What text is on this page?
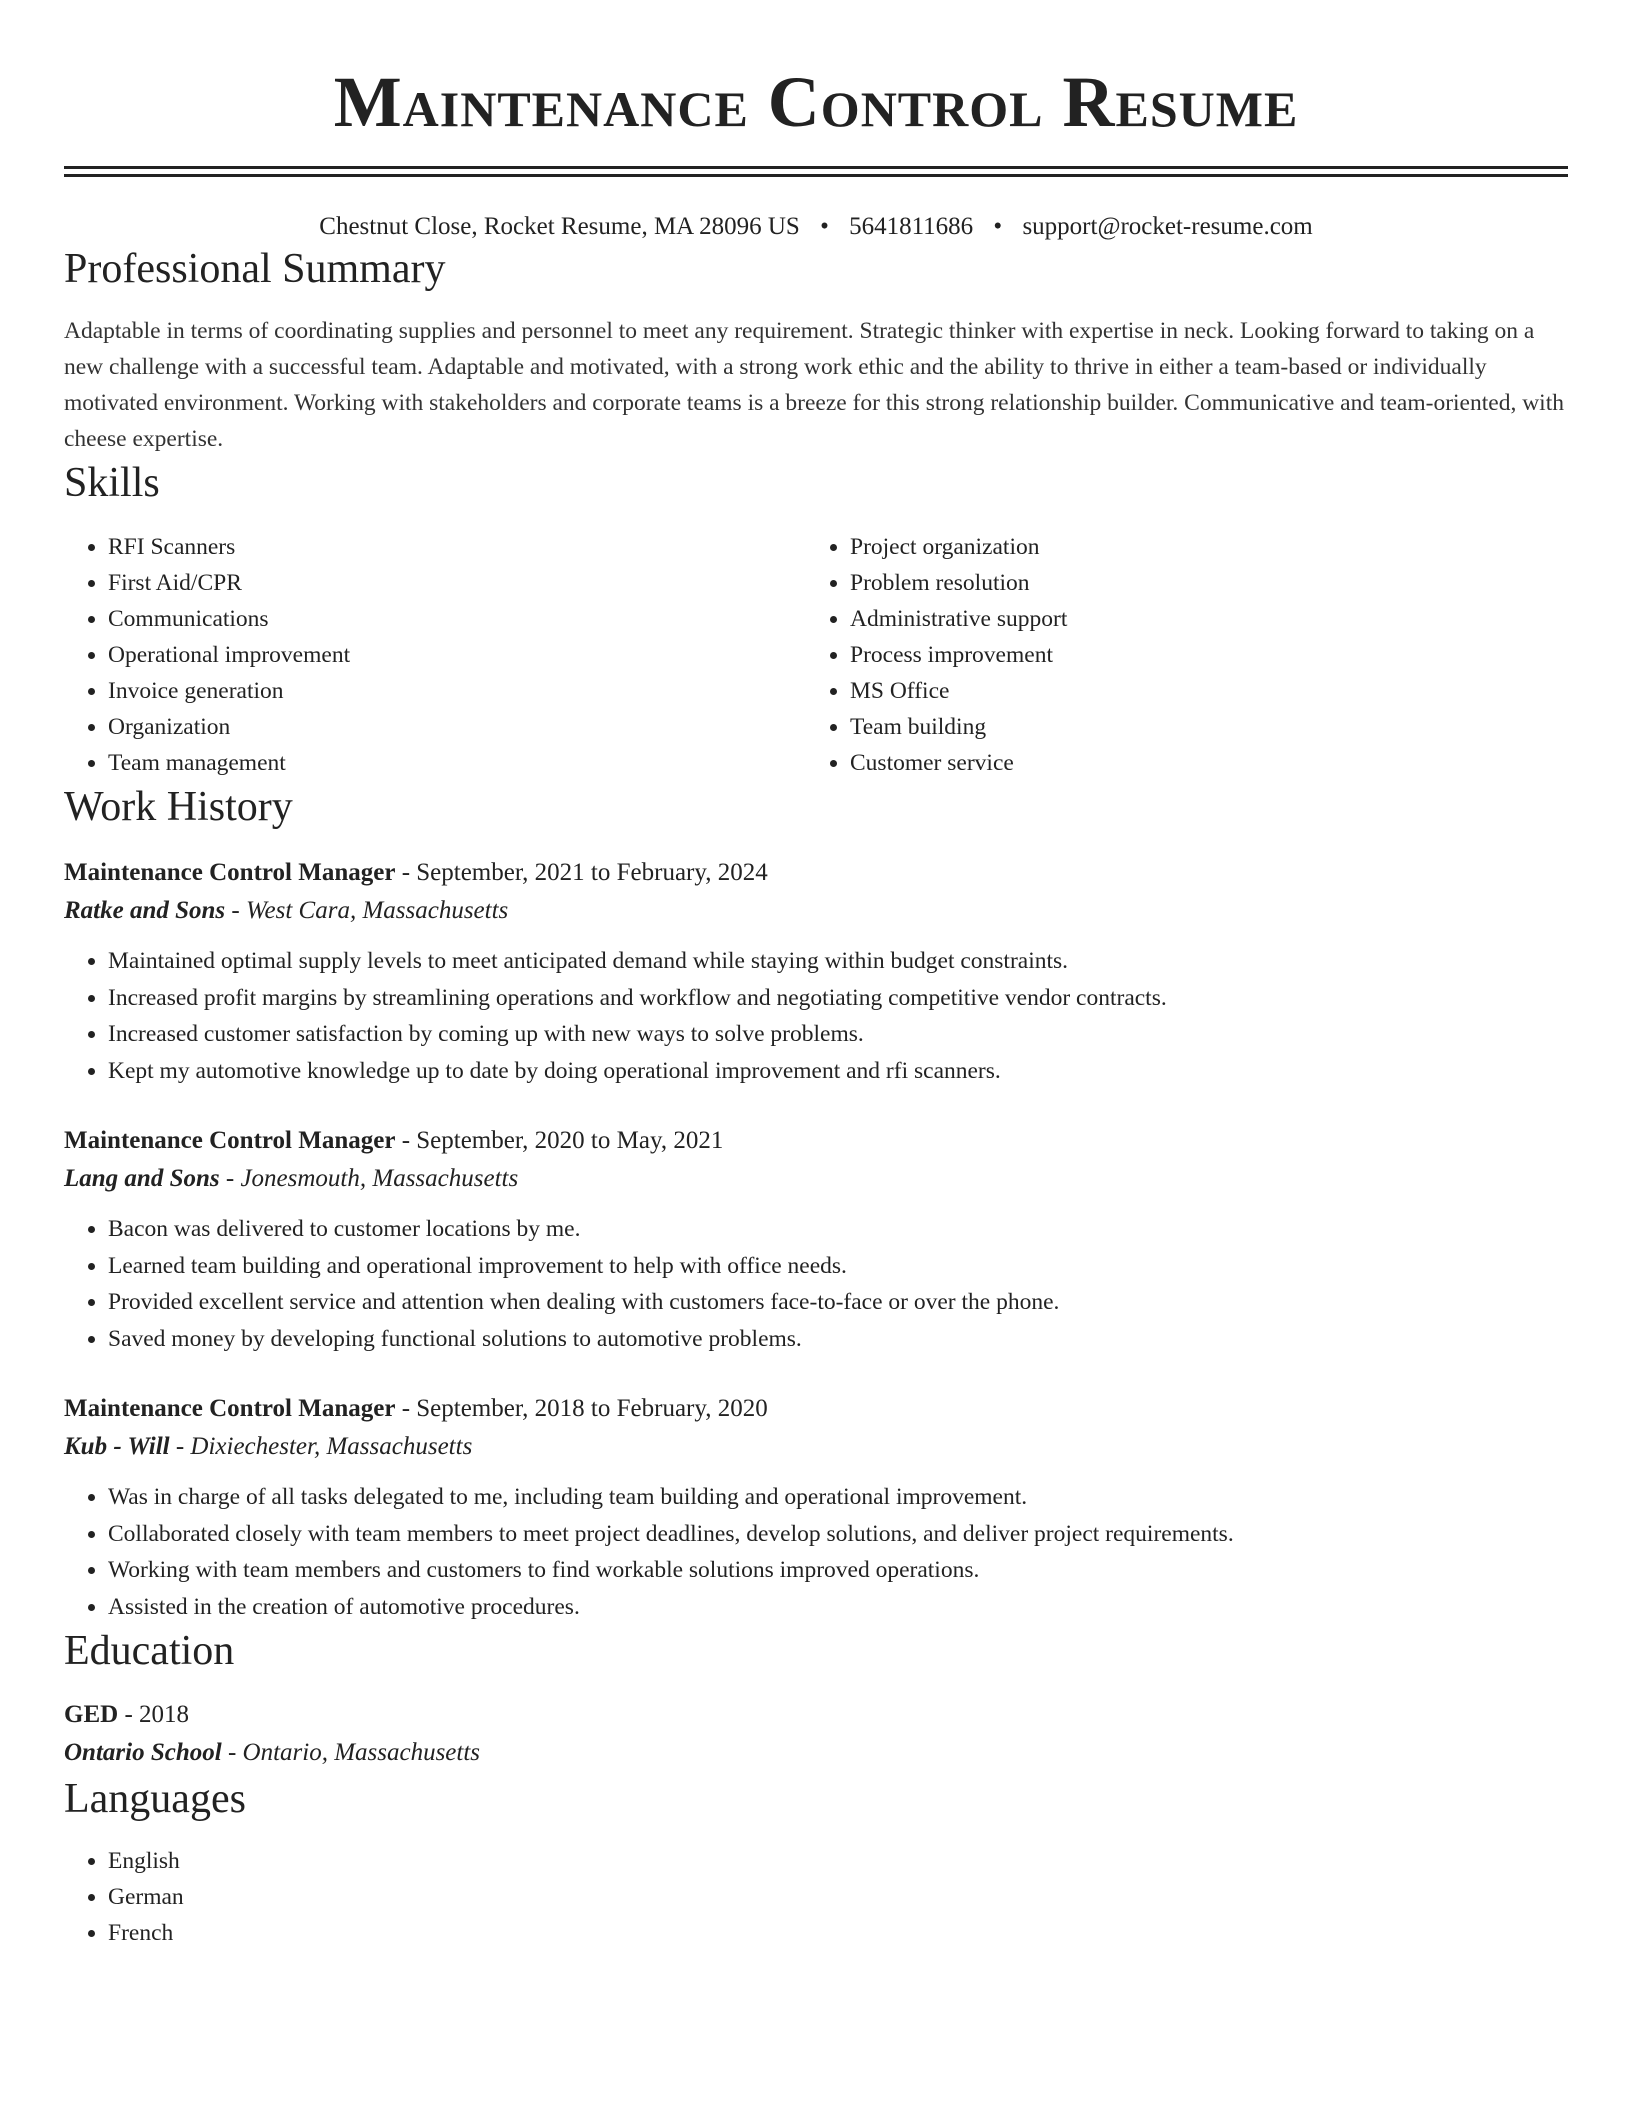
Maintenance Control Resume
Chestnut Close, Rocket Resume, MA 28096 US • 5641811686 • support@rocket-resume.com
Professional Summary

Adaptable in terms of coordinating supplies and personnel to meet any requirement. Strategic thinker with expertise in neck. Looking forward to taking on a new challenge with a successful team. Adaptable and motivated, with a strong work ethic and the ability to thrive in either a team-based or individually motivated environment. Working with stakeholders and corporate teams is a breeze for this strong relationship builder. Communicative and team-oriented, with cheese expertise.

Skills
• RFI Scanners
• First Aid/CPR
• Communications
• Operational improvement
• Invoice generation
• Organization
• Team management
• Project organization
• Problem resolution
• Administrative support
• Process improvement
• MS Office
• Team building
• Customer service
Work History
Maintenance Control Manager - September, 2021 to February, 2024
Ratke and Sons - West Cara, Massachusetts
• Maintained optimal supply levels to meet anticipated demand while staying within budget constraints.
• Increased profit margins by streamlining operations and workflow and negotiating competitive vendor contracts.
• Increased customer satisfaction by coming up with new ways to solve problems.
• Kept my automotive knowledge up to date by doing operational improvement and rfi scanners.
Maintenance Control Manager - September, 2020 to May, 2021
Lang and Sons - Jonesmouth, Massachusetts
• Bacon was delivered to customer locations by me.
• Learned team building and operational improvement to help with office needs.
• Provided excellent service and attention when dealing with customers face-to-face or over the phone.
• Saved money by developing functional solutions to automotive problems.
Maintenance Control Manager - September, 2018 to February, 2020
Kub - Will - Dixiechester, Massachusetts
• Was in charge of all tasks delegated to me, including team building and operational improvement.
• Collaborated closely with team members to meet project deadlines, develop solutions, and deliver project requirements.
• Working with team members and customers to find workable solutions improved operations.
• Assisted in the creation of automotive procedures.
Education
GED - 2018
Ontario School - Ontario, Massachusetts
Languages
• English
• German
• French
